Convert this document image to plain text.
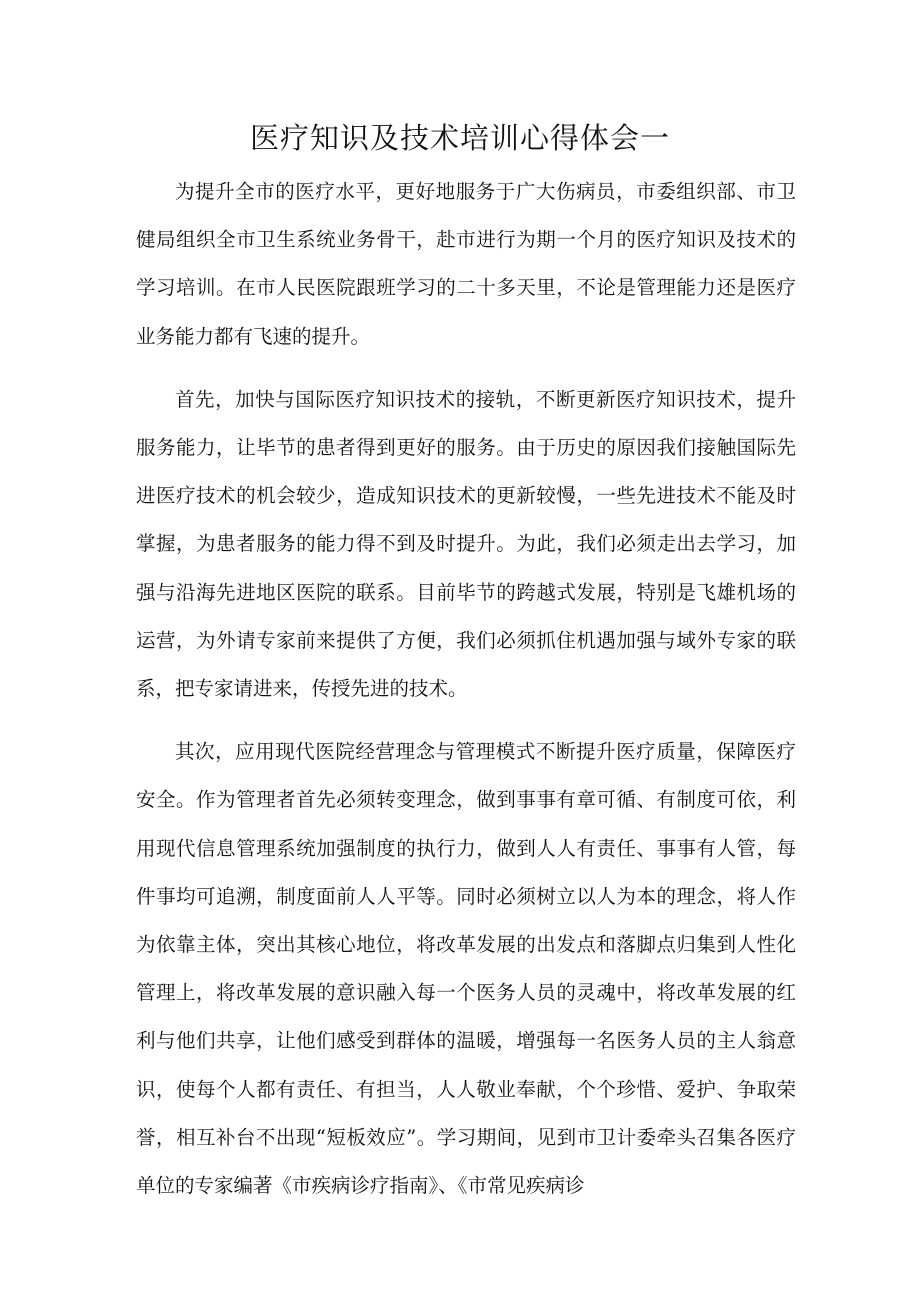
医疗知识及技术培训心得体会一

为提升全市的医疗水平，更好地服务于广大伤病员，市委组织部、市卫健局组织全市卫生系统业务骨干，赴市进行为期一个月的医疗知识及技术的学习培训。在市人民医院跟班学习的二十多天里，不论是管理能力还是医疗业务能力都有飞速的提升。

首先，加快与国际医疗知识技术的接轨，不断更新医疗知识技术，提升服务能力，让毕节的患者得到更好的服务。由于历史的原因我们接触国际先进医疗技术的机会较少，造成知识技术的更新较慢，一些先进技术不能及时掌握，为患者服务的能力得不到及时提升。为此，我们必须走出去学习，加强与沿海先进地区医院的联系。目前毕节的跨越式发展，特别是飞雄机场的运营，为外请专家前来提供了方便，我们必须抓住机遇加强与域外专家的联系，把专家请进来，传授先进的技术。

其次，应用现代医院经营理念与管理模式不断提升医疗质量，保障医疗安全。作为管理者首先必须转变理念，做到事事有章可循、有制度可依，利用现代信息管理系统加强制度的执行力，做到人人有责任、事事有人管，每件事均可追溯，制度面前人人平等。同时必须树立以人为本的理念，将人作为依靠主体，突出其核心地位，将改革发展的出发点和落脚点归集到人性化管理上，将改革发展的意识融入每一个医务人员的灵魂中，将改革发展的红利与他们共享，让他们感受到群体的温暖，增强每一名医务人员的主人翁意识，使每个人都有责任、有担当，人人敬业奉献，个个珍惜、爱护、争取荣誉，相互补台不出现“短板效应”。学习期间，见到市卫计委牵头召集各医疗单位的专家编著《市疾病诊疗指南》、《市常见疾病诊
